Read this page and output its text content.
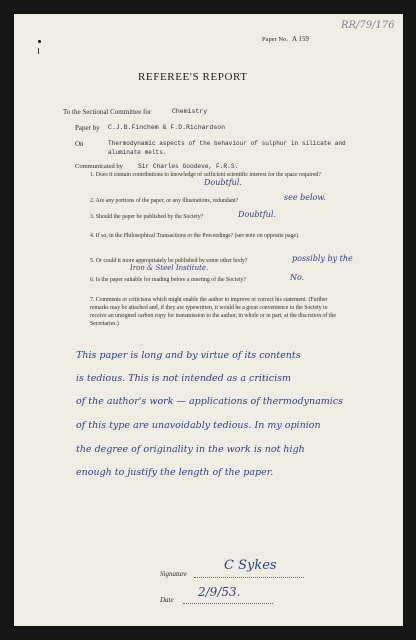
RR/79/176
Paper No. A 159
REFEREE'S REPORT
To the Sectional Committee for	Chemistry
Paper by C.J.B.Finchem & F.D.Richardson
On	Thermodynamic aspects of the behaviour of sulphur in silicate and
aluminate melts.
Communicated by Sir Charles Goodeve, F.R.S.
1. Does it contain contributions to knowledge of sufficient scientific interest for the space required?
Doubtful.
2. Are any portions of the paper, or any illustrations, redundant?	see below.
3. Should the paper be published by the Society?	Doubtful.
4. If so, in the Philosophical Transactions or the Proceedings? (see note on opposite page).
5. Or could it more appropriately be published by some other body?	possibly by the
Iron & Steel Institute.
6. Is the paper suitable for reading before a meeting of the Society?	No.
7. Comments or criticisms which might enable the author to improve or correct his statement. (Further remarks may be attached and, if they are typewritten, it would be a great convenience to the Society to receive an unsigned carbon copy for transmission to the author, in whole or in part, at the discretion of the Secretaries.)
This paper is long and by virtue of its contents
is tedious. This is not intended as a criticism
of the author's work — applications of thermodynamics
of this type are unavoidably tedious. In my opinion
the degree of originality in the work is not high
enough to justify the length of the paper.
Signature
C Sykes
Date
2/9/53.
